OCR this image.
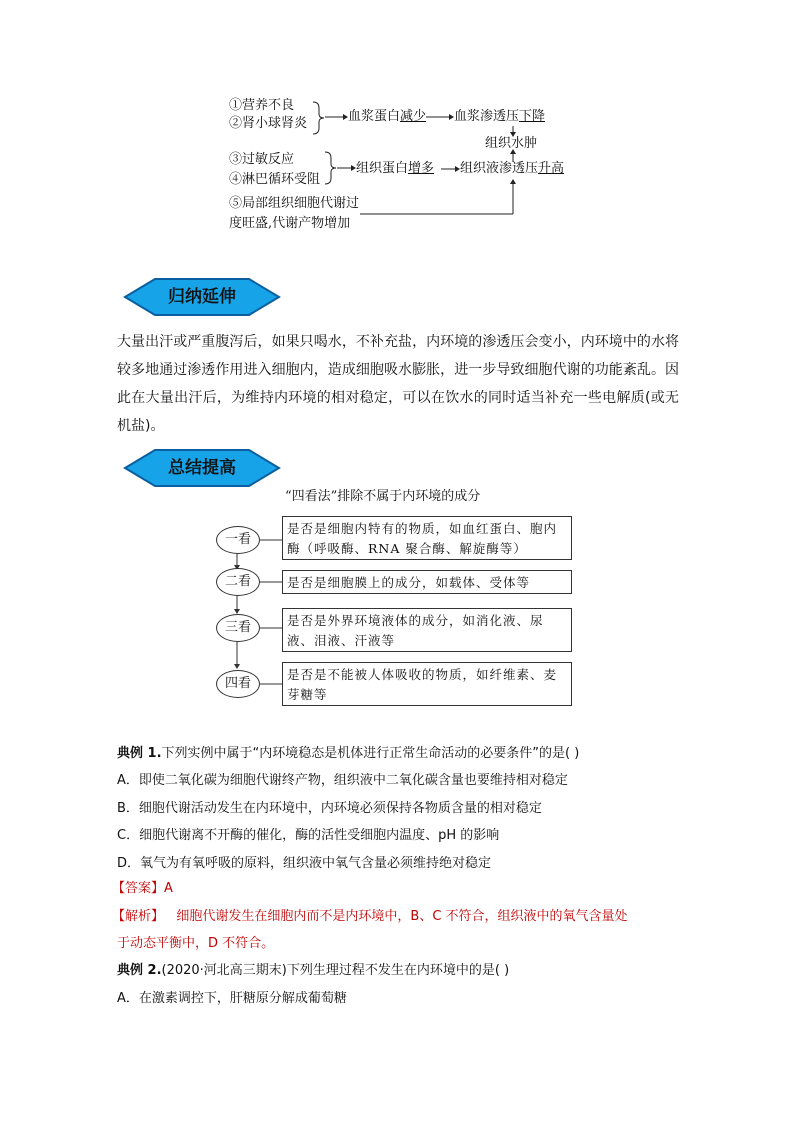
①营养不良
②肾小球肾炎
③过敏反应
④淋巴循环受阻
⑤局部组织细胞代谢过
度旺盛,代谢产物增加
血浆蛋白减少 血浆渗透压下降
组织水肿
组织蛋白增多 组织液渗透压升高
归纳延伸
大量出汗或严重腹泻后，如果只喝水，不补充盐，内环境的渗透压会变小，内环境中的水将较多地通过渗透作用进入细胞内，造成细胞吸水膨胀，进一步导致细胞代谢的功能紊乱。因此在大量出汗后，为维持内环境的相对稳定，可以在饮水的同时适当补充一些电解质(或无机盐)。
总结提高
“四看法”排除不属于内环境的成分
一看
是否是细胞内特有的物质，如血红蛋白、胞内酶（呼吸酶、RNA 聚合酶、解旋酶等）
二看	是否是细胞膜上的成分，如载体、受体等
三看	是否是外界环境液体的成分，如消化液、尿液、泪液、汗液等
四看
是否是不能被人体吸收的物质，如纤维素、麦芽糖等
典例 1.下列实例中属于“内环境稳态是机体进行正常生命活动的必要条件”的是( )
A．即使二氧化碳为细胞代谢终产物，组织液中二氧化碳含量也要维持相对稳定
B．细胞代谢活动发生在内环境中，内环境必须保持各物质含量的相对稳定
C．细胞代谢离不开酶的催化，酶的活性受细胞内温度、pH 的影响
D．氧气为有氧呼吸的原料，组织液中氧气含量必须维持绝对稳定
【答案】A
【解析】 细胞代谢发生在细胞内而不是内环境中，B、C 不符合，组织液中的氧气含量处
于动态平衡中，D 不符合。
典例 2.(2020·河北高三期末)下列生理过程不发生在内环境中的是( )
A．在激素调控下，肝糖原分解成葡萄糖
